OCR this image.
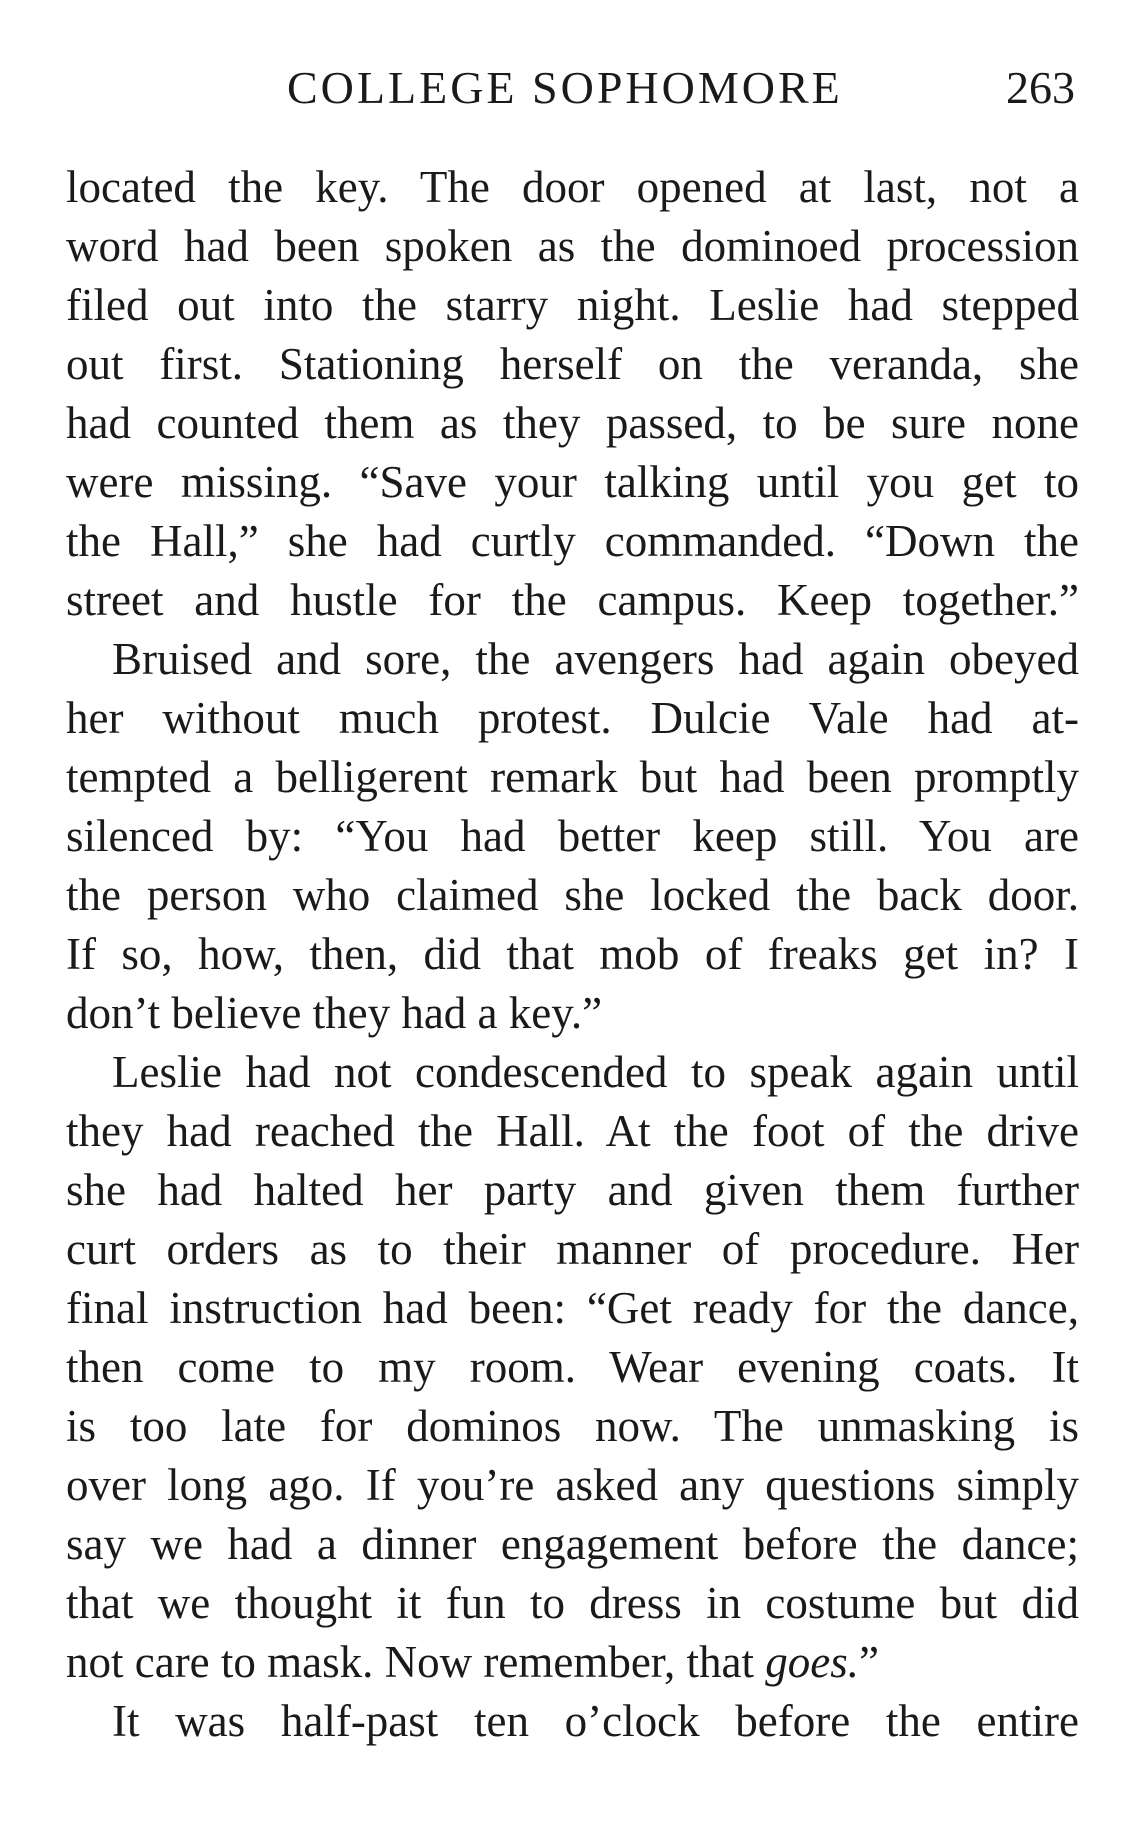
COLLEGE SOPHOMORE	263
located the key. The door opened at last, not a
word had been spoken as the dominoed procession
filed out into the starry night. Leslie had stepped
out first. Stationing herself on the veranda, she
had counted them as they passed, to be sure none
were missing. “Save your talking until you get to
the Hall,” she had curtly commanded. “Down the
street and hustle for the campus. Keep together.”
Bruised and sore, the avengers had again obeyed
her without much protest. Dulcie Vale had at-
tempted a belligerent remark but had been promptly
silenced by: “You had better keep still. You are
the person who claimed she locked the back door.
If so, how, then, did that mob of freaks get in? I
don’t believe they had a key.”
Leslie had not condescended to speak again until
they had reached the Hall. At the foot of the drive
she had halted her party and given them further
curt orders as to their manner of procedure. Her
final instruction had been: “Get ready for the dance,
then come to my room. Wear evening coats. It
is too late for dominos now. The unmasking is
over long ago. If you’re asked any questions simply
say we had a dinner engagement before the dance;
that we thought it fun to dress in costume but did
not care to mask. Now remember, that goes.”
It was half-past ten o’clock before the entire
